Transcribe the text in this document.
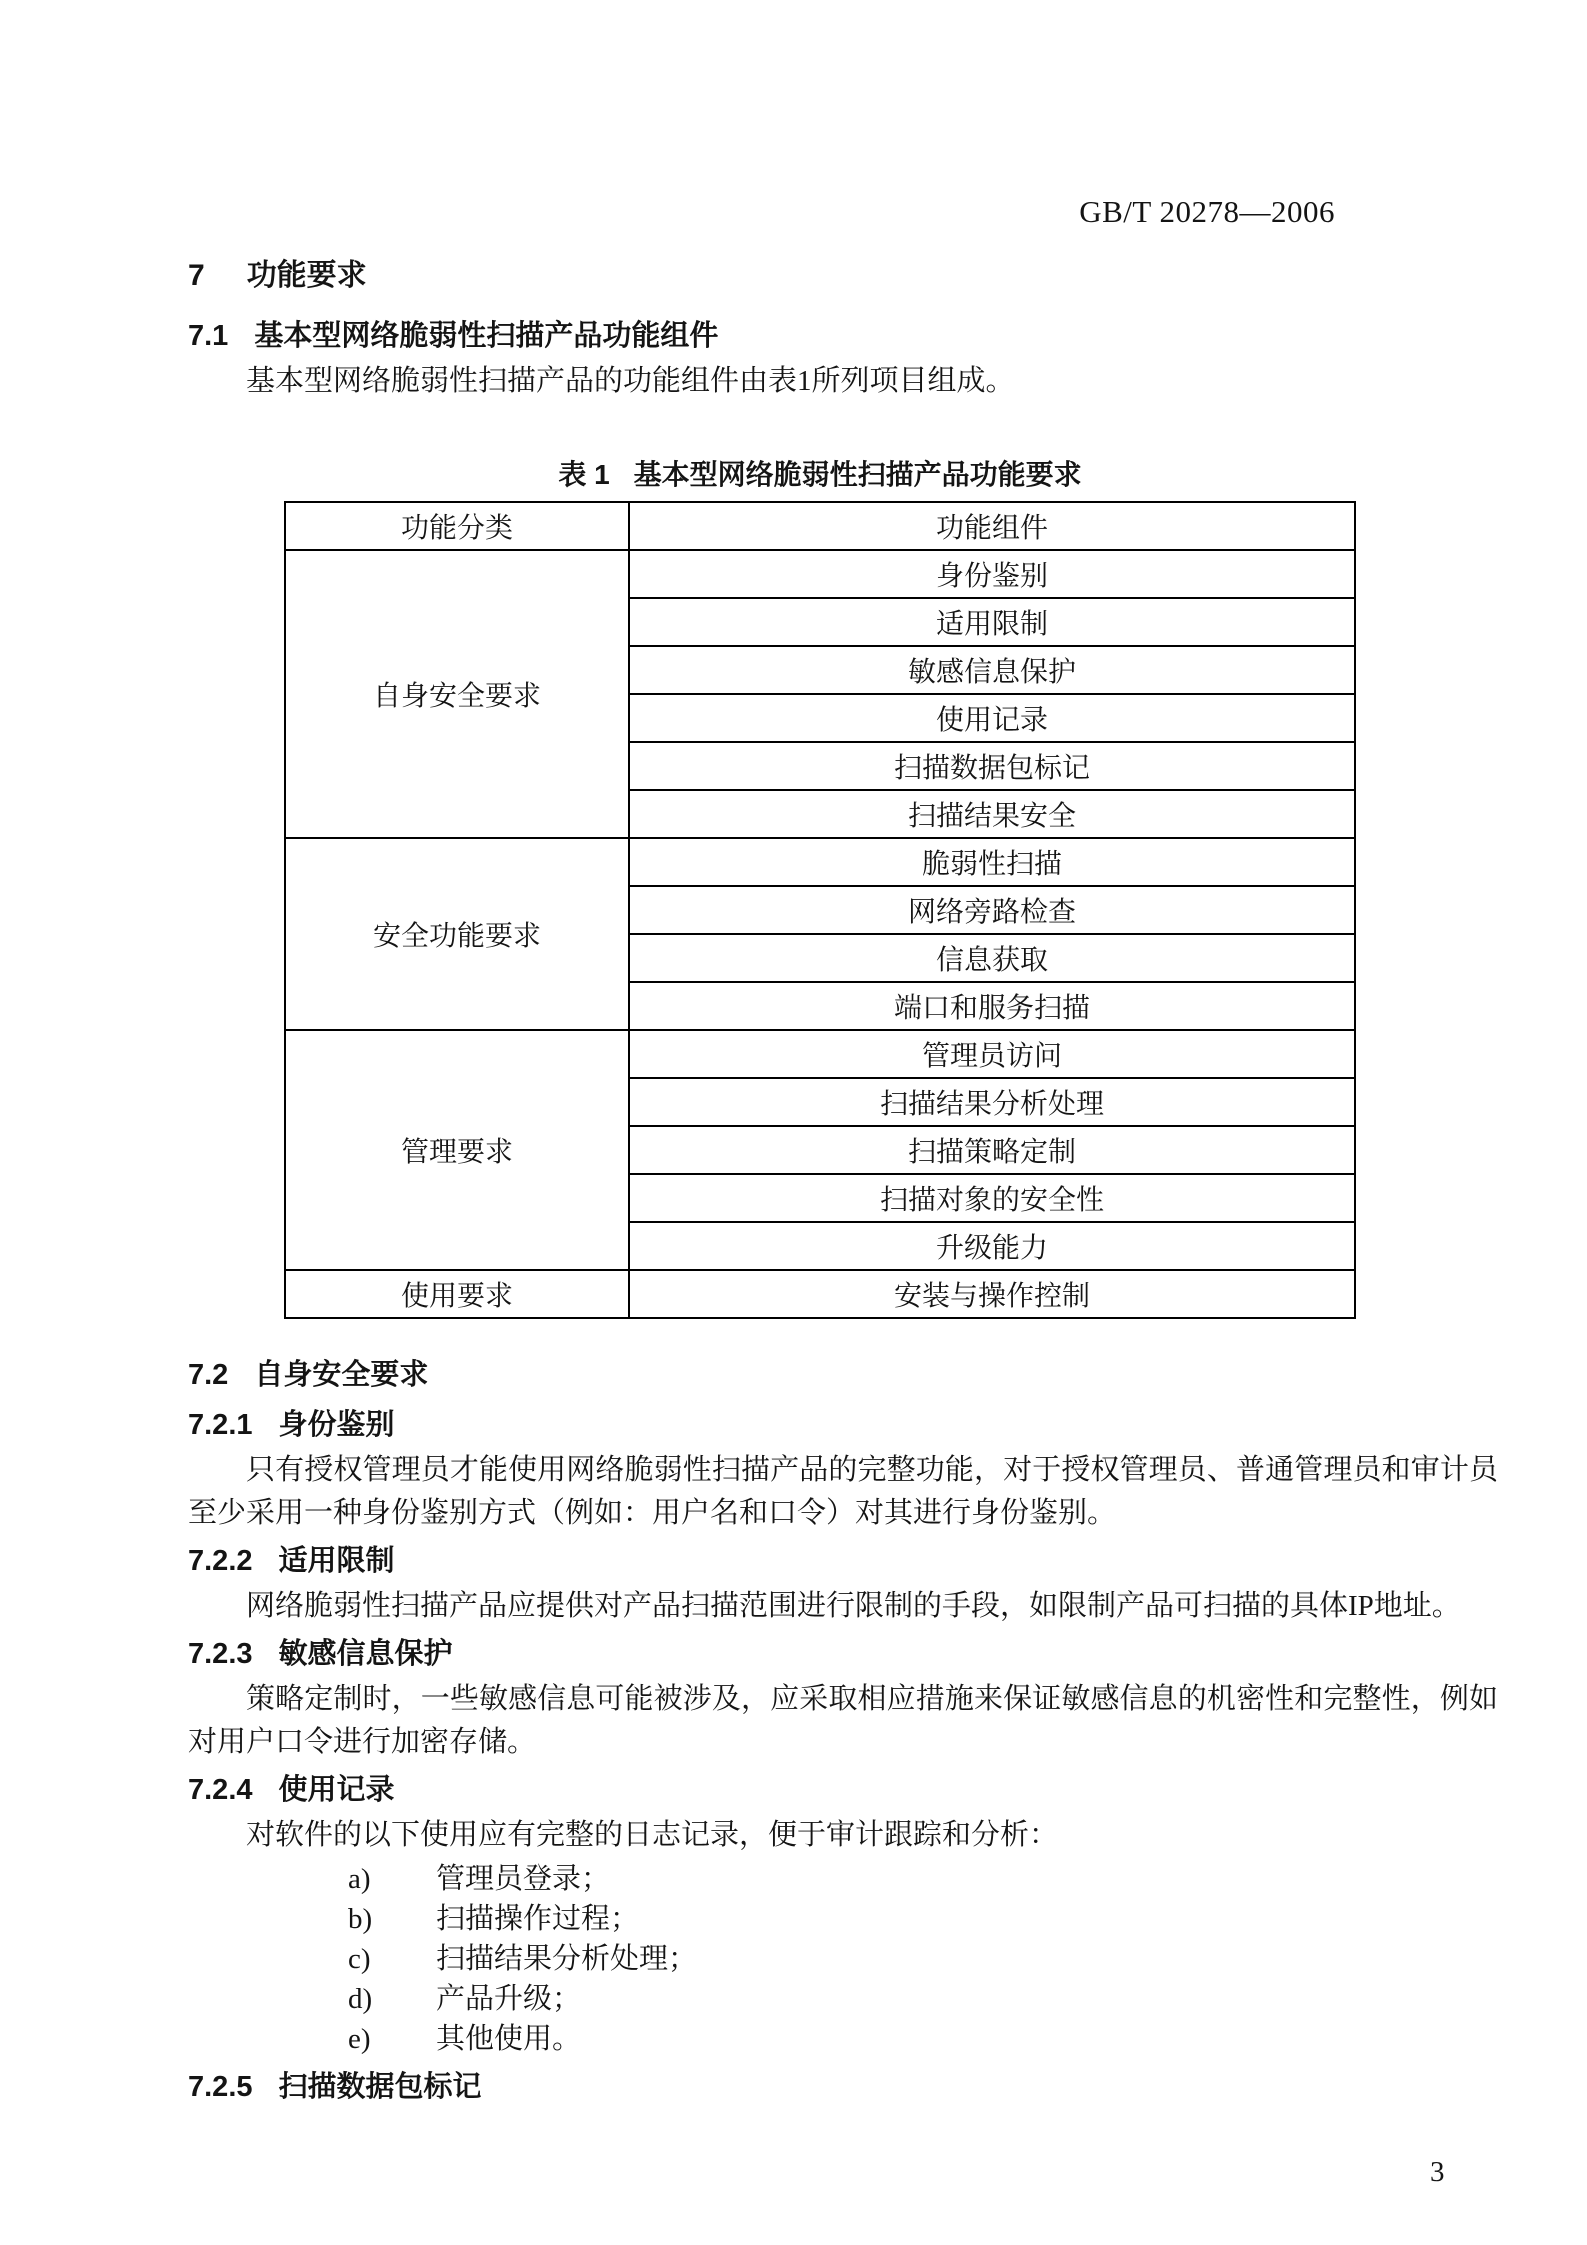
GB/T 20278—2006
7 功能要求
7.1 基本型网络脆弱性扫描产品功能组件

基本型网络脆弱性扫描产品的功能组件由表1所列项目组成。

表 1 基本型网络脆弱性扫描产品功能要求
功能分类	功能组件
自身安全要求	身份鉴别
	适用限制
	敏感信息保护
	使用记录
	扫描数据包标记
	扫描结果安全
安全功能要求	脆弱性扫描
	网络旁路检查
	信息获取
	端口和服务扫描
管理要求	管理员访问
	扫描结果分析处理
	扫描策略定制
	扫描对象的安全性
	升级能力
使用要求	安装与操作控制
7.2 自身安全要求
7.2.1 身份鉴别

只有授权管理员才能使用网络脆弱性扫描产品的完整功能，对于授权管理员、普通管理员和审计员至少采用一种身份鉴别方式（例如：用户名和口令）对其进行身份鉴别。

7.2.2 适用限制

网络脆弱性扫描产品应提供对产品扫描范围进行限制的手段，如限制产品可扫描的具体IP地址。

7.2.3 敏感信息保护

策略定制时，一些敏感信息可能被涉及，应采取相应措施来保证敏感信息的机密性和完整性，例如对用户口令进行加密存储。

7.2.4 使用记录

对软件的以下使用应有完整的日志记录，便于审计跟踪和分析：

a)	管理员登录；
b)	扫描操作过程；
c)	扫描结果分析处理；
d)	产品升级；
e)	其他使用。
7.2.5 扫描数据包标记
3
